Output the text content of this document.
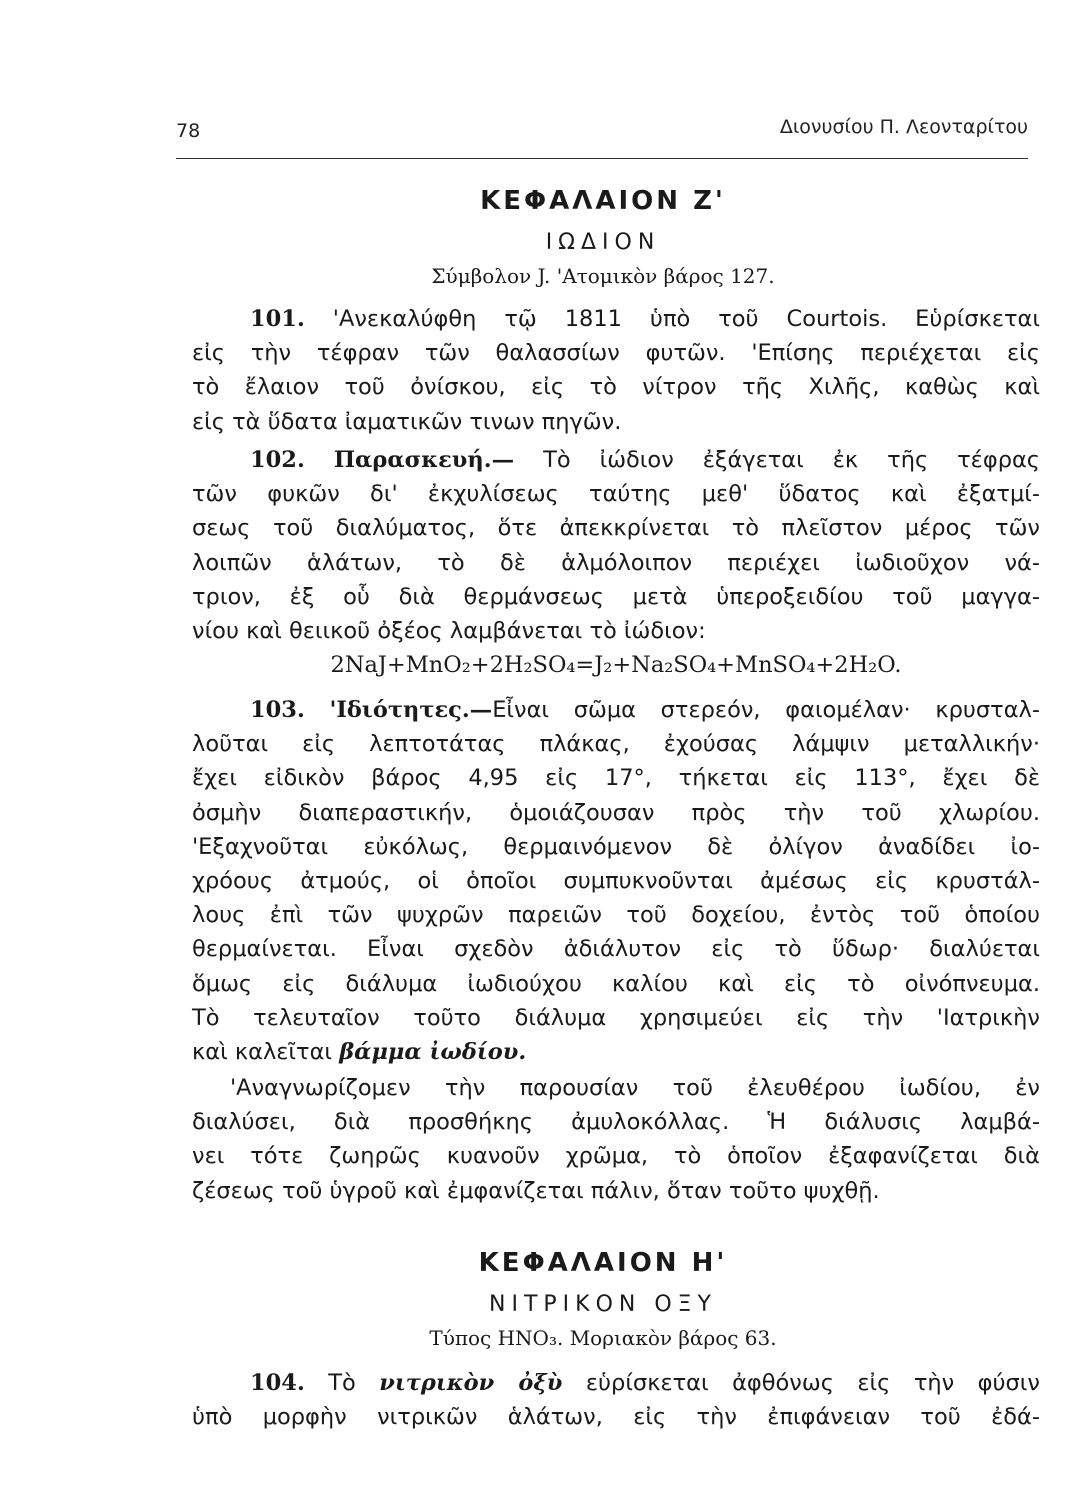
78	Διονυσίου Π. Λεονταρίτου
ΚΕΦΑΛΑΙΟΝ Ζ'
ΙΩΔΙΟΝ
Σύμβολον J. 'Ατομικὸν βάρος 127.
101. 'Ανεκαλύφθη τῷ 1811 ὑπὸ τοῦ Courtois. Εὑρίσκεται
εἰς τὴν τέφραν τῶν θαλασσίων φυτῶν. 'Επίσης περιέχεται εἰς
τὸ ἔλαιον τοῦ ὀνίσκου, εἰς τὸ νίτρον τῆς Χιλῆς, καθὼς καὶ
εἰς τὰ ὕδατα ἰαματικῶν τινων πηγῶν.
102. Παρασκευή.— Τὸ ἰώδιον ἐξάγεται ἐκ τῆς τέφρας
τῶν φυκῶν δι' ἐκχυλίσεως ταύτης μεθ' ὕδατος καὶ ἐξατμί-
σεως τοῦ διαλύματος, ὅτε ἀπεκκρίνεται τὸ πλεῖστον μέρος τῶν
λοιπῶν ἁλάτων, τὸ δὲ ἁλμόλοιπον περιέχει ἰωδιοῦχον νά-
τριον, ἐξ οὗ διὰ θερμάνσεως μετὰ ὑπεροξειδίου τοῦ μαγγα-
νίου καὶ θειικοῦ ὀξέος λαμβάνεται τὸ ἰώδιον:
2NaJ+MnO₂+2H₂SO₄=J₂+Na₂SO₄+MnSO₄+2H₂O.
103. 'Ιδιότητες.—Εἶναι σῶμα στερεόν, φαιομέλαν· κρυσταλ-
λοῦται εἰς λεπτοτάτας πλάκας, ἐχούσας λάμψιν μεταλλικήν·
ἔχει εἰδικὸν βάρος 4,95 εἰς 17°, τήκεται εἰς 113°, ἔχει δὲ
ὀσμὴν διαπεραστικήν, ὁμοιάζουσαν πρὸς τὴν τοῦ χλωρίου.
'Εξαχνοῦται εὐκόλως, θερμαινόμενον δὲ ὀλίγον ἀναδίδει ἰο-
χρόους ἀτμούς, οἱ ὁποῖοι συμπυκνοῦνται ἀμέσως εἰς κρυστάλ-
λους ἐπὶ τῶν ψυχρῶν παρειῶν τοῦ δοχείου, ἐντὸς τοῦ ὁποίου
θερμαίνεται. Εἶναι σχεδὸν ἀδιάλυτον εἰς τὸ ὕδωρ· διαλύεται
ὅμως εἰς διάλυμα ἰωδιούχου καλίου καὶ εἰς τὸ οἰνόπνευμα.
Τὸ τελευταῖον τοῦτο διάλυμα χρησιμεύει εἰς τὴν 'Ιατρικὴν
καὶ καλεῖται βάμμα ἰωδίου.
'Αναγνωρίζομεν τὴν παρουσίαν τοῦ ἐλευθέρου ἰωδίου, ἐν
διαλύσει, διὰ προσθήκης ἀμυλοκόλλας. Ἡ διάλυσις λαμβά-
νει τότε ζωηρῶς κυανοῦν χρῶμα, τὸ ὁποῖον ἐξαφανίζεται διὰ
ζέσεως τοῦ ὑγροῦ καὶ ἐμφανίζεται πάλιν, ὅταν τοῦτο ψυχθῇ.
ΚΕΦΑΛΑΙΟΝ Η'
ΝΙΤΡΙΚΟΝ ΟΞΥ
Τύπος HNO₃. Μοριακὸν βάρος 63.
104. Τὸ νιτρικὸν ὀξὺ εὑρίσκεται ἀφθόνως εἰς τὴν φύσιν
ὑπὸ μορφὴν νιτρικῶν ἁλάτων, εἰς τὴν ἐπιφάνειαν τοῦ ἐδά-
